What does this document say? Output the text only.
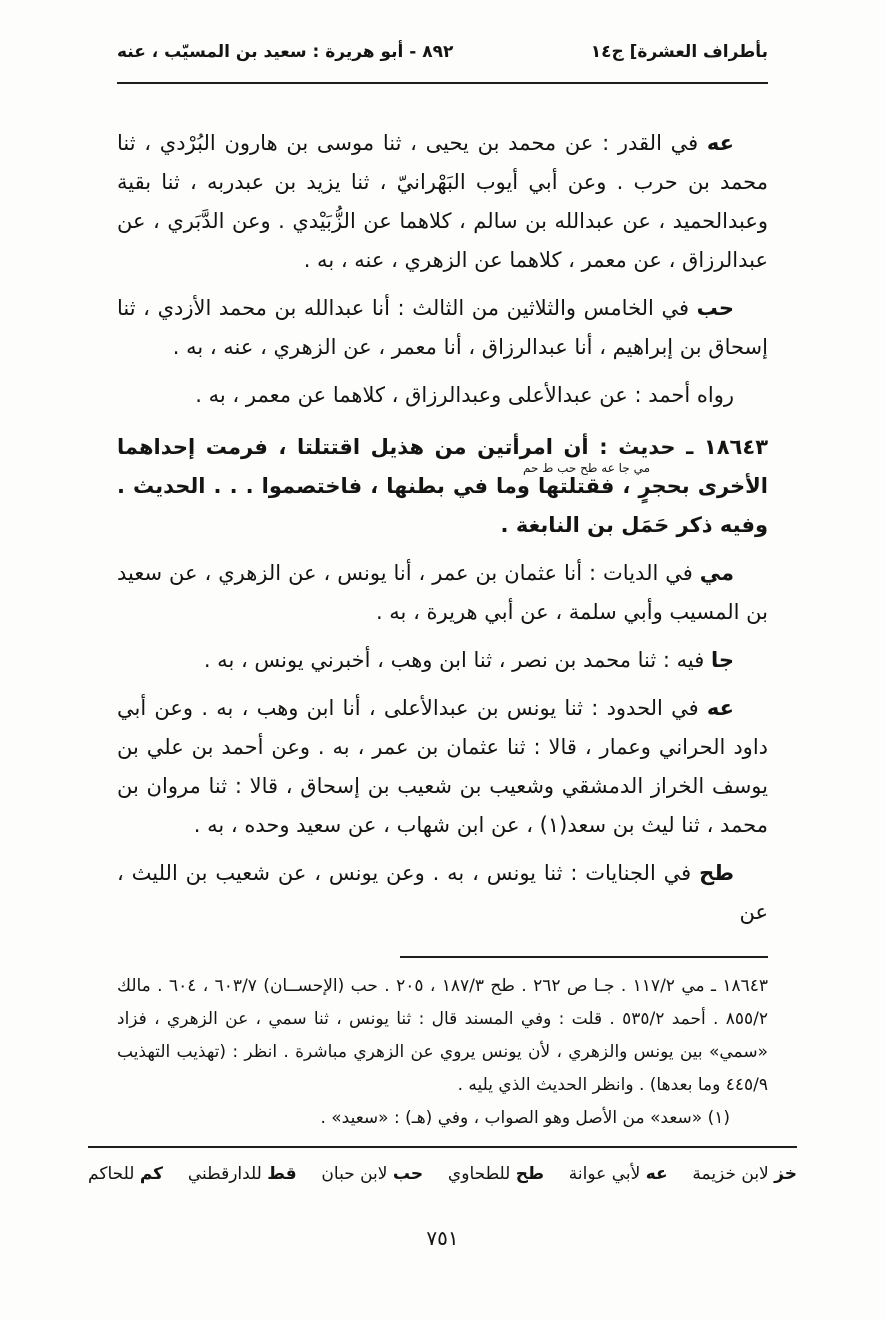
بأطراف العشرة] ج١٤
٨٩٢ - أبو هريرة : سعيد بن المسيّب ، عنه

عه في القدر : عن محمد بن يحيى ، ثنا موسى بن هارون البُرْدي ، ثنا محمد بن حرب . وعن أبي أيوب البَهْرانيّ ، ثنا يزيد بن عبدربه ، ثنا بقية وعبدالحميد ، عن عبدالله بن سالم ، كلاهما عن الزُّبَيْدي . وعن الدَّبَري ، عن عبدالرزاق ، عن معمر ، كلاهما عن الزهري ، عنه ، به .

حب في الخامس والثلاثين من الثالث : أنا عبدالله بن محمد الأزدي ، ثنا إسحاق بن إبراهيم ، أنا عبدالرزاق ، أنا معمر ، عن الزهري ، عنه ، به .

رواه أحمد : عن عبدالأعلى وعبدالرزاق ، كلاهما عن معمر ، به .

١٨٦٤٣ ـ حديث : أن امرأتين من هذيل اقتتلتا ، فرمت إحداهما الأخرى بحجرٍ ، فقتلتها وما في بطنها ، فاختصموا . . . الحديث . وفيه ذكر حَمَل بن النابغة .
مي جا عه طح حب ط حم

مي في الديات : أنا عثمان بن عمر ، أنا يونس ، عن الزهري ، عن سعيد بن المسيب وأبي سلمة ، عن أبي هريرة ، به .

جا فيه : ثنا محمد بن نصر ، ثنا ابن وهب ، أخبرني يونس ، به .

عه في الحدود : ثنا يونس بن عبدالأعلى ، أنا ابن وهب ، به . وعن أبي داود الحراني وعمار ، قالا : ثنا عثمان بن عمر ، به . وعن أحمد بن علي بن يوسف الخراز الدمشقي وشعيب بن شعيب بن إسحاق ، قالا : ثنا مروان بن محمد ، ثنا ليث بن سعد(١) ، عن ابن شهاب ، عن سعيد وحده ، به .

طح في الجنايات : ثنا يونس ، به . وعن يونس ، عن شعيب بن الليث ، عن

١٨٦٤٣ ـ مي ١١٧/٢ . جـا ص ٢٦٢ . طح ١٨٧/٣ ، ٢٠٥ . حب (الإحســان) ٦٠٣/٧ ، ٦٠٤ . مالك ٨٥٥/٢ . أحمد ٥٣٥/٢ . قلت : وفي المسند قال : ثنا يونس ، ثنا سمي ، عن الزهري ، فزاد «سمي» بين يونس والزهري ، لأن يونس يروي عن الزهري مباشرة . انظر : (تهذيب التهذيب ٤٤٥/٩ وما بعدها) . وانظر الحديث الذي يليه .

(١) «سعد» من الأصل وهو الصواب ، وفي (هـ) : «سعيد» .

خز لابن خزيمة
عه لأبي عوانة
طح للطحاوي
حب لابن حبان
قط للدارقطني
كم للحاكم
٧٥١
